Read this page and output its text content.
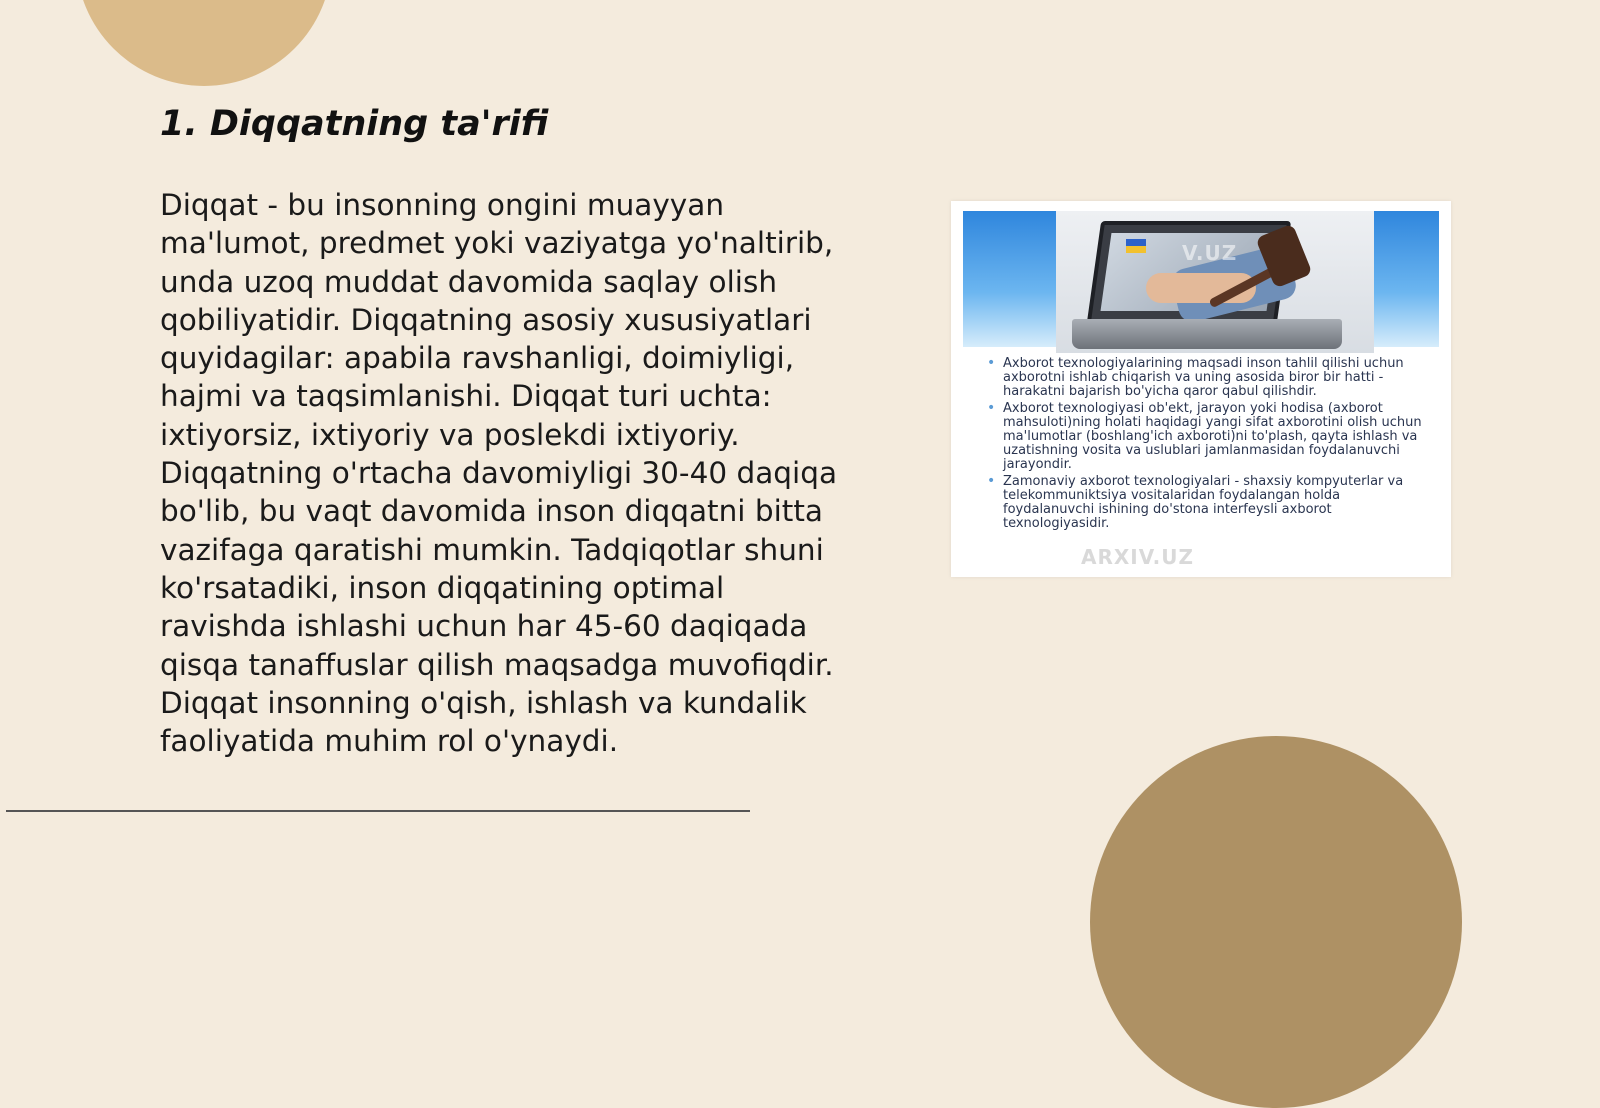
1. Diqqatning ta'rifi

Diqqat - bu insonning ongini muayyan ma'lumot, predmet yoki vaziyatga yo'naltirib, unda uzoq muddat davomida saqlay olish qobiliyatidir. Diqqatning asosiy xususiyatlari quyidagilar: apabila ravshanligi, doimiyligi, hajmi va taqsimlanishi. Diqqat turi uchta: ixtiyorsiz, ixtiyoriy va poslekdi ixtiyoriy. Diqqatning o'rtacha davomiyligi 30-40 daqiqa bo'lib, bu vaqt davomida inson diqqatni bitta vazifaga qaratishi mumkin. Tadqiqotlar shuni ko'rsatadiki, inson diqqatining optimal ravishda ishlashi uchun har 45-60 daqiqada qisqa tanaffuslar qilish maqsadga muvofiqdir. Diqqat insonning o'qish, ishlash va kundalik faoliyatida muhim rol o'ynaydi.

V.UZ
• Axborot texnologiyalarining maqsadi inson tahlil qilishi uchun axborotni ishlab chiqarish va uning asosida biror bir hatti - harakatni bajarish bo'yicha qaror qabul qilishdir.
• Axborot texnologiyasi ob'ekt, jarayon yoki hodisa (axborot mahsuloti)ning holati haqidagi yangi sifat axborotini olish uchun ma'lumotlar (boshlang'ich axboroti)ni to'plash, qayta ishlash va uzatishning vosita va uslublari jamlanmasidan foydalanuvchi jarayondir.
• Zamonaviy axborot texnologiyalari - shaxsiy kompyuterlar va telekommuniktsiya vositalaridan foydalangan holda foydalanuvchi ishining do'stona interfeysli axborot texnologiyasidir.
ARXIV.UZ
